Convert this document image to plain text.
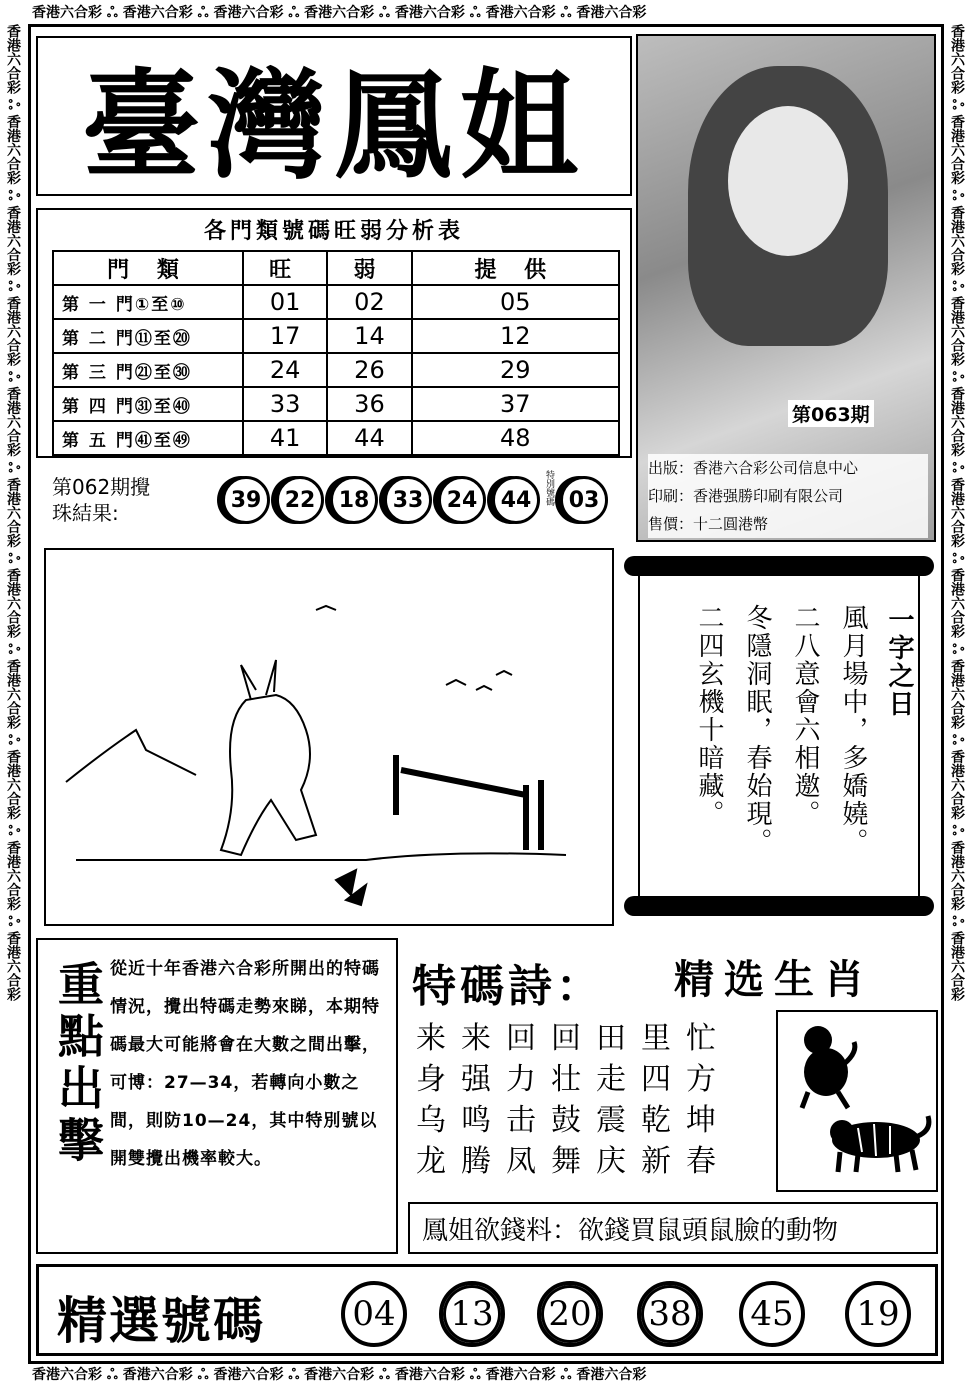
香港六合彩 ஃ 香港六合彩 ஃ 香港六合彩 ஃ 香港六合彩 ஃ 香港六合彩 ஃ 香港六合彩 ஃ 香港六合彩
香港六合彩 ஃ 香港六合彩 ஃ 香港六合彩 ஃ 香港六合彩 ஃ 香港六合彩 ஃ 香港六合彩 ஃ 香港六合彩
香港六合彩 ஃ 香港六合彩 ஃ 香港六合彩 ஃ 香港六合彩 ஃ 香港六合彩 ஃ 香港六合彩 ஃ 香港六合彩 ஃ 香港六合彩 ஃ 香港六合彩 ஃ 香港六合彩 ஃ 香港六合彩	香港六合彩 ஃ 香港六合彩 ஃ 香港六合彩 ஃ 香港六合彩 ஃ 香港六合彩 ஃ 香港六合彩 ஃ 香港六合彩 ஃ 香港六合彩 ஃ 香港六合彩 ஃ 香港六合彩 ஃ 香港六合彩
臺灣鳳姐
第063期
出版：香港六合彩公司信息中心
印刷：香港强勝印刷有限公司
售價：十二圓港幣
各門類號碼旺弱分析表
門 類	旺	弱	提 供
第 一 門①至⑩	01	02	05
第 二 門⑪至⑳	17	14	12
第 三 門㉑至㉚	24	26	29
第 四 門㉛至㊵	33	36	37
第 五 門㊶至㊾	41	44	48
第062期攪
珠結果:
39	22	18	33	24	44	特別號碼 03
一字之日
風月場中，多嬌嬈。
二八意會六相邀。
冬隱洞眠，春始現。
二四玄機十暗藏。
重點出擊 從近十年香港六合彩所開出的特碼情況，攪出特碼走勢來睇，本期特碼最大可能將會在大數之間出擊，可博：27—34，若轉向小數之間，則防10—24，其中特別號以開雙攪出機率較大。
特碼詩： 精选生肖
来来回回田里忙
身强力壮走四方
乌鸣击鼓震乾坤
龙腾凤舞庆新春
鳳姐欲錢料：欲錢買鼠頭鼠臉的動物
精選號碼	04	13	20	38	45	19
